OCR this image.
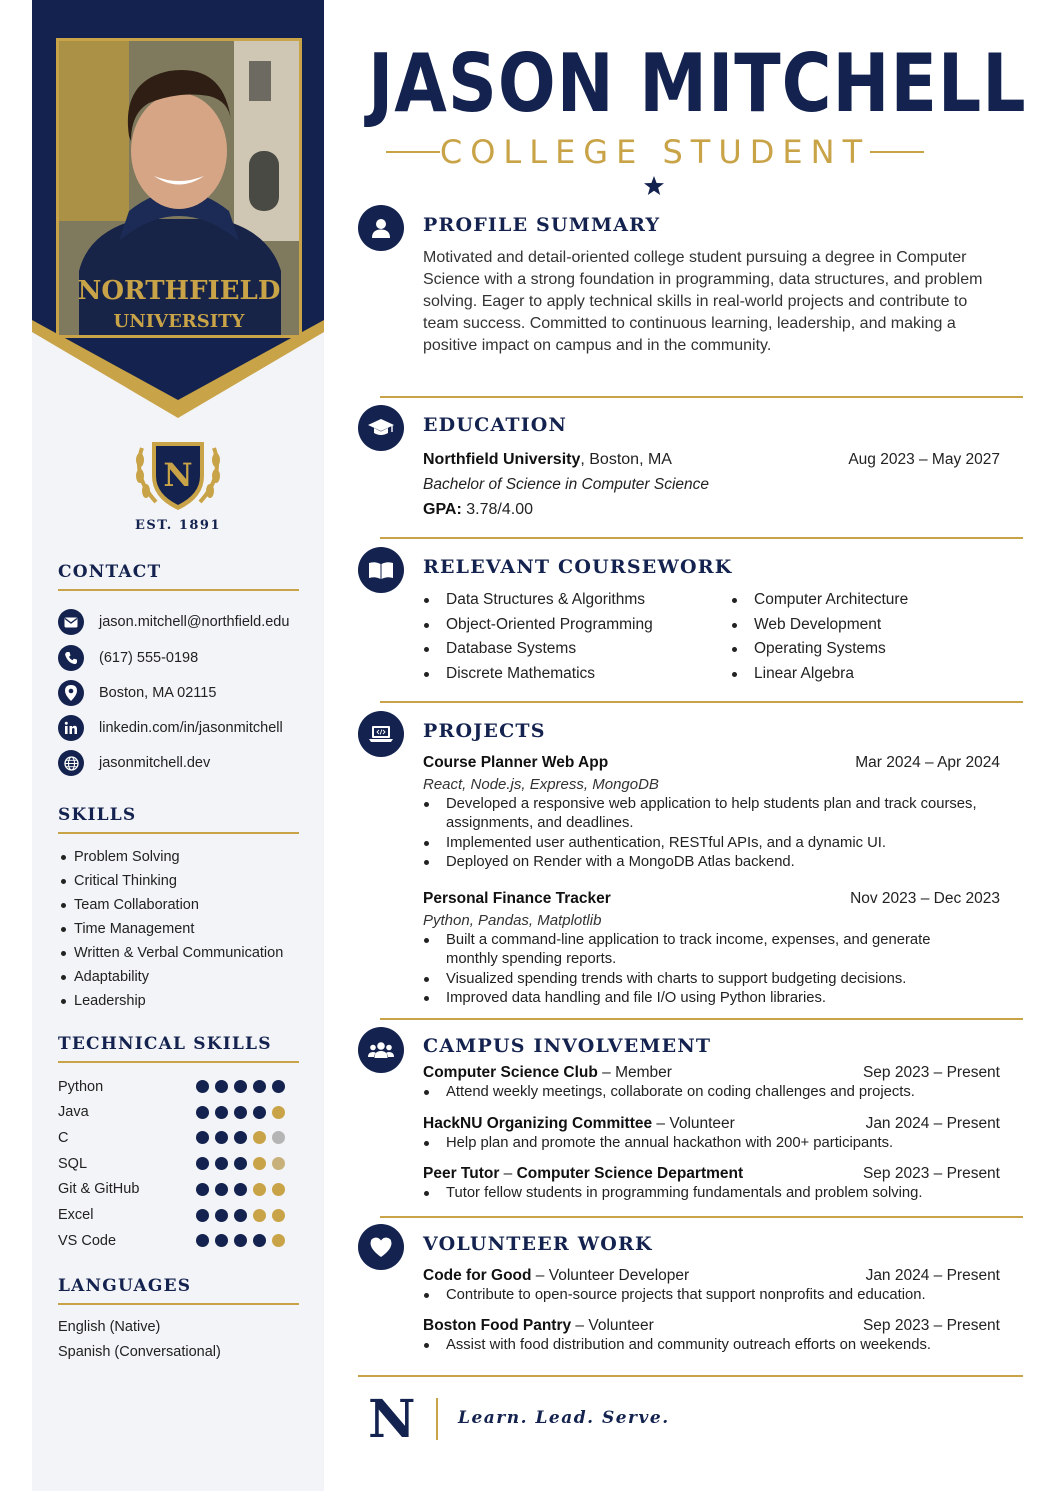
NORTHFIELD
UNIVERSITY
N
EST. 1891
CONTACT
jason.mitchell@northfield.edu
(617) 555-0198
Boston, MA 02115
linkedin.com/in/jasonmitchell
jasonmitchell.dev
SKILLS
Problem Solving
Critical Thinking
Team Collaboration
Time Management
Written & Verbal Communication
Adaptability
Leadership
TECHNICAL SKILLS
Python
Java
C
SQL
Git & GitHub
Excel
VS Code
LANGUAGES
English (Native)
Spanish (Conversational)
JASON MITCHELL
COLLEGE STUDENT
PROFILE SUMMARY
Motivated and detail-oriented college student pursuing a degree in Computer Science with a strong foundation in programming, data structures, and problem solving. Eager to apply technical skills in real-world projects and contribute to team success. Committed to continuous learning, leadership, and making a positive impact on campus and in the community.
EDUCATION
Northfield University, Boston, MA	Aug 2023 – May 2027
Bachelor of Science in Computer Science
GPA: 3.78/4.00
RELEVANT COURSEWORK
Data Structures & Algorithms
Object-Oriented Programming
Database Systems
Discrete Mathematics
Computer Architecture
Web Development
Operating Systems
Linear Algebra
PROJECTS
Course Planner Web App	Mar 2024 – Apr 2024
React, Node.js, Express, MongoDB
Developed a responsive web application to help students plan and track courses, assignments, and deadlines.
Implemented user authentication, RESTful APIs, and a dynamic UI.
Deployed on Render with a MongoDB Atlas backend.
Personal Finance Tracker	Nov 2023 – Dec 2023
Python, Pandas, Matplotlib
Built a command-line application to track income, expenses, and generate monthly spending reports.
Visualized spending trends with charts to support budgeting decisions.
Improved data handling and file I/O using Python libraries.
CAMPUS INVOLVEMENT
Computer Science Club – Member	Sep 2023 – Present
Attend weekly meetings, collaborate on coding challenges and projects.
HackNU Organizing Committee – Volunteer	Jan 2024 – Present
Help plan and promote the annual hackathon with 200+ participants.
Peer Tutor – Computer Science Department	Sep 2023 – Present
Tutor fellow students in programming fundamentals and problem solving.
VOLUNTEER WORK
Code for Good – Volunteer Developer	Jan 2024 – Present
Contribute to open-source projects that support nonprofits and education.
Boston Food Pantry – Volunteer	Sep 2023 – Present
Assist with food distribution and community outreach efforts on weekends.
N Learn. Lead. Serve.
